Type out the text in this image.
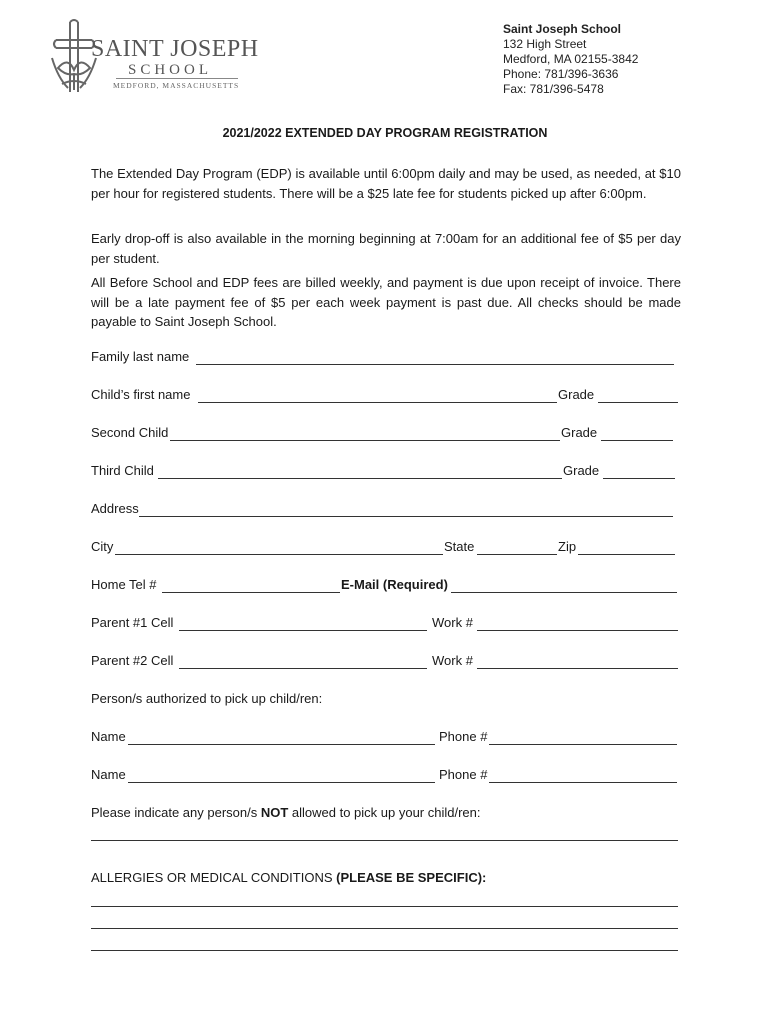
SAINT JOSEPH
SCHOOL
MEDFORD, MASSACHUSETTS
Saint Joseph School
132 High Street
Medford, MA 02155-3842
Phone: 781/396-3636
Fax: 781/396-5478
2021/2022 EXTENDED DAY PROGRAM REGISTRATION
The Extended Day Program (EDP) is available until 6:00pm daily and may be used, as needed, at $10 per hour for registered students. There will be a $25 late fee for students picked up after 6:00pm.
Early drop-off is also available in the morning beginning at 7:00am for an additional fee of $5 per day per student.
All Before School and EDP fees are billed weekly, and payment is due upon receipt of invoice. There will be a late payment fee of $5 per each week payment is past due. All checks should be made payable to Saint Joseph School.
Family last name
Child’s first name	Grade
Second Child	Grade
Third Child	Grade
Address
City	State	Zip
Home Tel #	E-Mail (Required)
Parent #1 Cell	Work #
Parent #2 Cell	Work #
Person/s authorized to pick up child/ren:
Name	Phone #
Name	Phone #
Please indicate any person/s NOT allowed to pick up your child/ren:
ALLERGIES OR MEDICAL CONDITIONS (PLEASE BE SPECIFIC):
